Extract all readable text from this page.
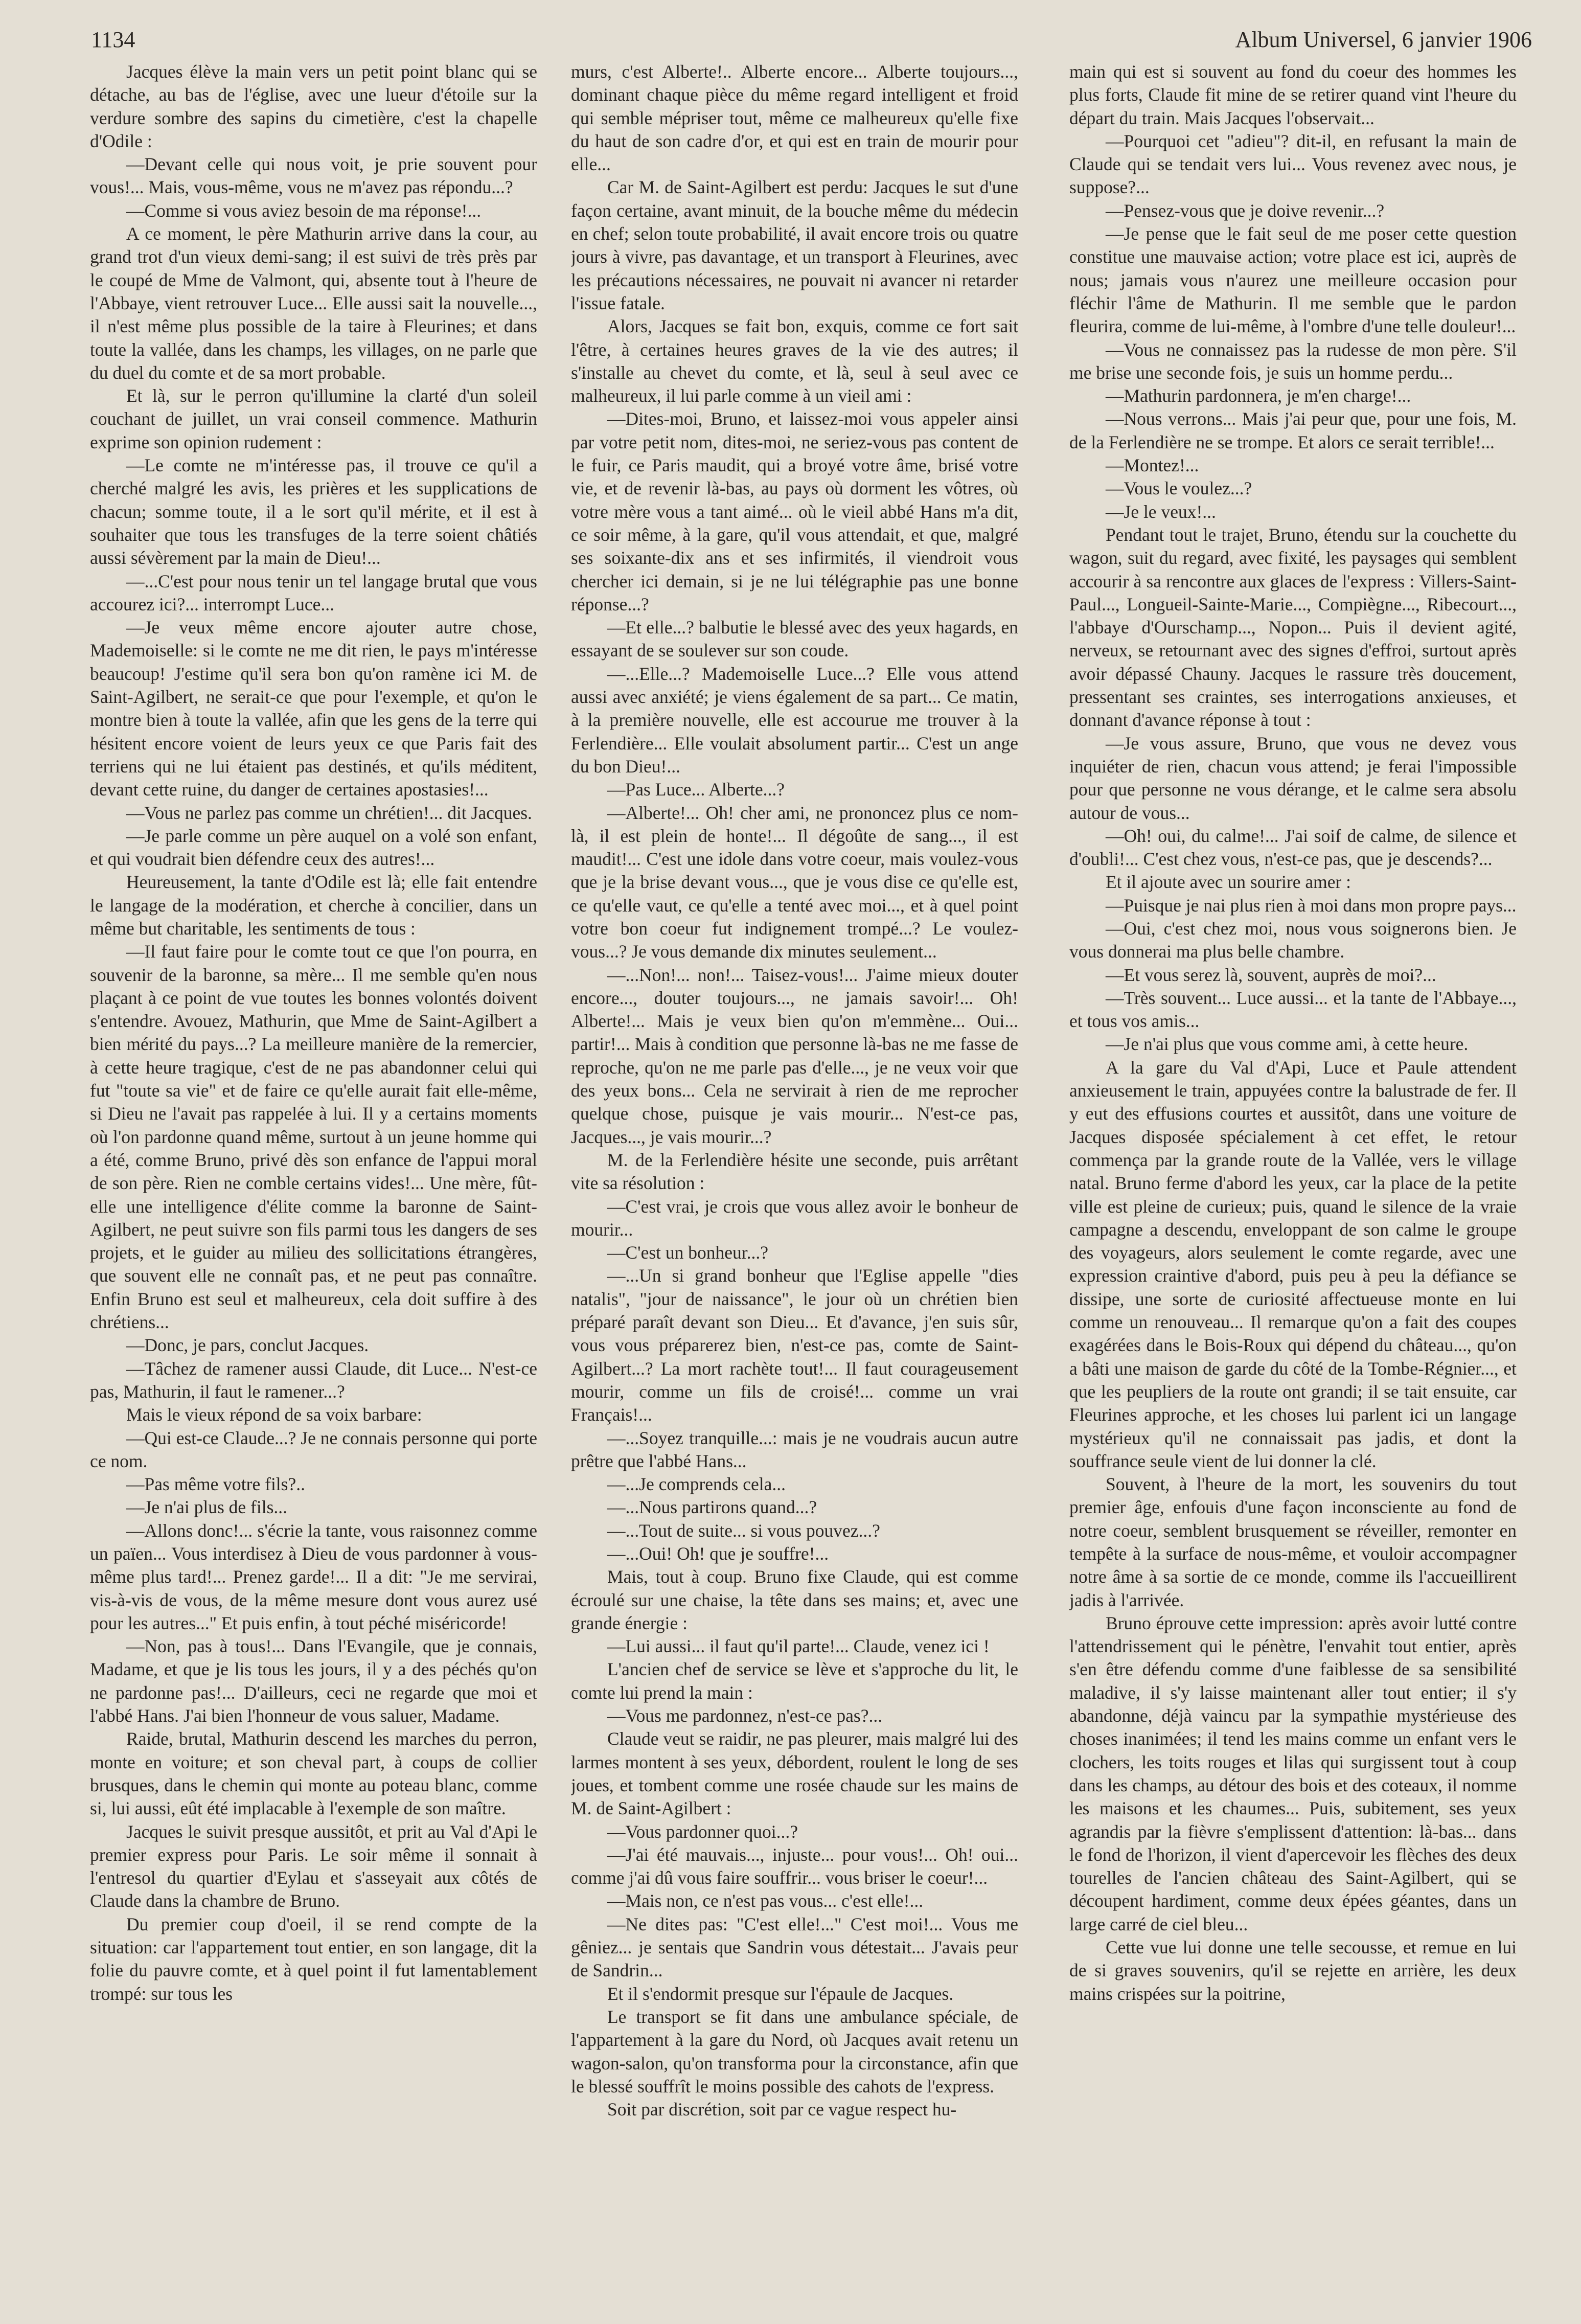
1134	Album Universel, 6 janvier 1906

Jacques élève la main vers un petit point blanc qui se détache, au bas de l'église, avec une lueur d'étoile sur la verdure sombre des sapins du cimetière, c'est la chapelle d'Odile :

—Devant celle qui nous voit, je prie souvent pour vous!... Mais, vous-même, vous ne m'avez pas répondu...?

—Comme si vous aviez besoin de ma réponse!...

A ce moment, le père Mathurin arrive dans la cour, au grand trot d'un vieux demi-sang; il est suivi de très près par le coupé de Mme de Valmont, qui, absente tout à l'heure de l'Abbaye, vient retrouver Luce... Elle aussi sait la nouvelle..., il n'est même plus possible de la taire à Fleurines; et dans toute la vallée, dans les champs, les villages, on ne parle que du duel du comte et de sa mort probable.

Et là, sur le perron qu'illumine la clarté d'un soleil couchant de juillet, un vrai conseil commence. Mathurin exprime son opinion rudement :

—Le comte ne m'intéresse pas, il trouve ce qu'il a cherché malgré les avis, les prières et les supplications de chacun; somme toute, il a le sort qu'il mérite, et il est à souhaiter que tous les transfuges de la terre soient châtiés aussi sévèrement par la main de Dieu!...

—...C'est pour nous tenir un tel langage brutal que vous accourez ici?... interrompt Luce...

—Je veux même encore ajouter autre chose, Mademoiselle: si le comte ne me dit rien, le pays m'intéresse beaucoup! J'estime qu'il sera bon qu'on ramène ici M. de Saint-Agilbert, ne serait-ce que pour l'exemple, et qu'on le montre bien à toute la vallée, afin que les gens de la terre qui hésitent encore voient de leurs yeux ce que Paris fait des terriens qui ne lui étaient pas destinés, et qu'ils méditent, devant cette ruine, du danger de certaines apostasies!...

—Vous ne parlez pas comme un chrétien!... dit Jacques.

—Je parle comme un père auquel on a volé son enfant, et qui voudrait bien défendre ceux des autres!...

Heureusement, la tante d'Odile est là; elle fait entendre le langage de la modération, et cherche à concilier, dans un même but charitable, les sentiments de tous :

—Il faut faire pour le comte tout ce que l'on pourra, en souvenir de la baronne, sa mère... Il me semble qu'en nous plaçant à ce point de vue toutes les bonnes volontés doivent s'entendre. Avouez, Mathurin, que Mme de Saint-Agilbert a bien mérité du pays...? La meilleure manière de la remercier, à cette heure tragique, c'est de ne pas abandonner celui qui fut "toute sa vie" et de faire ce qu'elle aurait fait elle-même, si Dieu ne l'avait pas rappelée à lui. Il y a certains moments où l'on pardonne quand même, surtout à un jeune homme qui a été, comme Bruno, privé dès son enfance de l'appui moral de son père. Rien ne comble certains vides!... Une mère, fût-elle une intelligence d'élite comme la baronne de Saint-Agilbert, ne peut suivre son fils parmi tous les dangers de ses projets, et le guider au milieu des sollicitations étrangères, que souvent elle ne connaît pas, et ne peut pas connaître. Enfin Bruno est seul et malheureux, cela doit suffire à des chrétiens...

—Donc, je pars, conclut Jacques.

—Tâchez de ramener aussi Claude, dit Luce... N'est-ce pas, Mathurin, il faut le ramener...?

Mais le vieux répond de sa voix barbare:

—Qui est-ce Claude...? Je ne connais personne qui porte ce nom.

—Pas même votre fils?..

—Je n'ai plus de fils...

—Allons donc!... s'écrie la tante, vous raisonnez comme un païen... Vous interdisez à Dieu de vous pardonner à vous-même plus tard!... Prenez garde!... Il a dit: "Je me servirai, vis-à-vis de vous, de la même mesure dont vous aurez usé pour les autres..." Et puis enfin, à tout péché miséricorde!

—Non, pas à tous!... Dans l'Evangile, que je connais, Madame, et que je lis tous les jours, il y a des péchés qu'on ne pardonne pas!... D'ailleurs, ceci ne regarde que moi et l'abbé Hans. J'ai bien l'honneur de vous saluer, Madame.

Raide, brutal, Mathurin descend les marches du perron, monte en voiture; et son cheval part, à coups de collier brusques, dans le chemin qui monte au poteau blanc, comme si, lui aussi, eût été implacable à l'exemple de son maître.

Jacques le suivit presque aussitôt, et prit au Val d'Api le premier express pour Paris. Le soir même il sonnait à l'entresol du quartier d'Eylau et s'asseyait aux côtés de Claude dans la chambre de Bruno.

Du premier coup d'oeil, il se rend compte de la situation: car l'appartement tout entier, en son langage, dit la folie du pauvre comte, et à quel point il fut lamentablement trompé: sur tous les

murs, c'est Alberte!.. Alberte encore... Alberte toujours..., dominant chaque pièce du même regard intelligent et froid qui semble mépriser tout, même ce malheureux qu'elle fixe du haut de son cadre d'or, et qui est en train de mourir pour elle...

Car M. de Saint-Agilbert est perdu: Jacques le sut d'une façon certaine, avant minuit, de la bouche même du médecin en chef; selon toute probabilité, il avait encore trois ou quatre jours à vivre, pas davantage, et un transport à Fleurines, avec les précautions nécessaires, ne pouvait ni avancer ni retarder l'issue fatale.

Alors, Jacques se fait bon, exquis, comme ce fort sait l'être, à certaines heures graves de la vie des autres; il s'installe au chevet du comte, et là, seul à seul avec ce malheureux, il lui parle comme à un vieil ami :

—Dites-moi, Bruno, et laissez-moi vous appeler ainsi par votre petit nom, dites-moi, ne seriez-vous pas content de le fuir, ce Paris maudit, qui a broyé votre âme, brisé votre vie, et de revenir là-bas, au pays où dorment les vôtres, où votre mère vous a tant aimé... où le vieil abbé Hans m'a dit, ce soir même, à la gare, qu'il vous attendait, et que, malgré ses soixante-dix ans et ses infirmités, il viendroit vous chercher ici demain, si je ne lui télégraphie pas une bonne réponse...?

—Et elle...? balbutie le blessé avec des yeux hagards, en essayant de se soulever sur son coude.

—...Elle...? Mademoiselle Luce...? Elle vous attend aussi avec anxiété; je viens également de sa part... Ce matin, à la première nouvelle, elle est accourue me trouver à la Ferlendière... Elle voulait absolument partir... C'est un ange du bon Dieu!...

—Pas Luce... Alberte...?

—Alberte!... Oh! cher ami, ne prononcez plus ce nom-là, il est plein de honte!... Il dégoûte de sang..., il est maudit!... C'est une idole dans votre coeur, mais voulez-vous que je la brise devant vous..., que je vous dise ce qu'elle est, ce qu'elle vaut, ce qu'elle a tenté avec moi..., et à quel point votre bon coeur fut indignement trompé...? Le voulez-vous...? Je vous demande dix minutes seulement...

—...Non!... non!... Taisez-vous!... J'aime mieux douter encore..., douter toujours..., ne jamais savoir!... Oh! Alberte!... Mais je veux bien qu'on m'emmène... Oui... partir!... Mais à condition que personne là-bas ne me fasse de reproche, qu'on ne me parle pas d'elle..., je ne veux voir que des yeux bons... Cela ne servirait à rien de me reprocher quelque chose, puisque je vais mourir... N'est-ce pas, Jacques..., je vais mourir...?

M. de la Ferlendière hésite une seconde, puis arrêtant vite sa résolution :

—C'est vrai, je crois que vous allez avoir le bonheur de mourir...

—C'est un bonheur...?

—...Un si grand bonheur que l'Eglise appelle "dies natalis", "jour de naissance", le jour où un chrétien bien préparé paraît devant son Dieu... Et d'avance, j'en suis sûr, vous vous préparerez bien, n'est-ce pas, comte de Saint-Agilbert...? La mort rachète tout!... Il faut courageusement mourir, comme un fils de croisé!... comme un vrai Français!...

—...Soyez tranquille...: mais je ne voudrais aucun autre prêtre que l'abbé Hans...

—...Je comprends cela...

—...Nous partirons quand...?

—...Tout de suite... si vous pouvez...?

—...Oui! Oh! que je souffre!...

Mais, tout à coup. Bruno fixe Claude, qui est comme écroulé sur une chaise, la tête dans ses mains; et, avec une grande énergie :

—Lui aussi... il faut qu'il parte!... Claude, venez ici !

L'ancien chef de service se lève et s'approche du lit, le comte lui prend la main :

—Vous me pardonnez, n'est-ce pas?...

Claude veut se raidir, ne pas pleurer, mais malgré lui des larmes montent à ses yeux, débordent, roulent le long de ses joues, et tombent comme une rosée chaude sur les mains de M. de Saint-Agilbert :

—Vous pardonner quoi...?

—J'ai été mauvais..., injuste... pour vous!... Oh! oui... comme j'ai dû vous faire souffrir... vous briser le coeur!...

—Mais non, ce n'est pas vous... c'est elle!...

—Ne dites pas: "C'est elle!..." C'est moi!... Vous me gêniez... je sentais que Sandrin vous détestait... J'avais peur de Sandrin...

Et il s'endormit presque sur l'épaule de Jacques.

Le transport se fit dans une ambulance spéciale, de l'appartement à la gare du Nord, où Jacques avait retenu un wagon-salon, qu'on transforma pour la circonstance, afin que le blessé souffrît le moins possible des cahots de l'express.

Soit par discrétion, soit par ce vague respect hu-

main qui est si souvent au fond du coeur des hommes les plus forts, Claude fit mine de se retirer quand vint l'heure du départ du train. Mais Jacques l'observait...

—Pourquoi cet "adieu"? dit-il, en refusant la main de Claude qui se tendait vers lui... Vous revenez avec nous, je suppose?...

—Pensez-vous que je doive revenir...?

—Je pense que le fait seul de me poser cette question constitue une mauvaise action; votre place est ici, auprès de nous; jamais vous n'aurez une meilleure occasion pour fléchir l'âme de Mathurin. Il me semble que le pardon fleurira, comme de lui-même, à l'ombre d'une telle douleur!...

—Vous ne connaissez pas la rudesse de mon père. S'il me brise une seconde fois, je suis un homme perdu...

—Mathurin pardonnera, je m'en charge!...

—Nous verrons... Mais j'ai peur que, pour une fois, M. de la Ferlendière ne se trompe. Et alors ce serait terrible!...

—Montez!...

—Vous le voulez...?

—Je le veux!...

Pendant tout le trajet, Bruno, étendu sur la couchette du wagon, suit du regard, avec fixité, les paysages qui semblent accourir à sa rencontre aux glaces de l'express : Villers-Saint-Paul..., Longueil-Sainte-Marie..., Compiègne..., Ribecourt..., l'abbaye d'Ourschamp..., Nopon... Puis il devient agité, nerveux, se retournant avec des signes d'effroi, surtout après avoir dépassé Chauny. Jacques le rassure très doucement, pressentant ses craintes, ses interrogations anxieuses, et donnant d'avance réponse à tout :

—Je vous assure, Bruno, que vous ne devez vous inquiéter de rien, chacun vous attend; je ferai l'impossible pour que personne ne vous dérange, et le calme sera absolu autour de vous...

—Oh! oui, du calme!... J'ai soif de calme, de silence et d'oubli!... C'est chez vous, n'est-ce pas, que je descends?...

Et il ajoute avec un sourire amer :

—Puisque je nai plus rien à moi dans mon propre pays...

—Oui, c'est chez moi, nous vous soignerons bien. Je vous donnerai ma plus belle chambre.

—Et vous serez là, souvent, auprès de moi?...

—Très souvent... Luce aussi... et la tante de l'Abbaye..., et tous vos amis...

—Je n'ai plus que vous comme ami, à cette heure.

A la gare du Val d'Api, Luce et Paule attendent anxieusement le train, appuyées contre la balustrade de fer. Il y eut des effusions courtes et aussitôt, dans une voiture de Jacques disposée spécialement à cet effet, le retour commença par la grande route de la Vallée, vers le village natal. Bruno ferme d'abord les yeux, car la place de la petite ville est pleine de curieux; puis, quand le silence de la vraie campagne a descendu, enveloppant de son calme le groupe des voyageurs, alors seulement le comte regarde, avec une expression craintive d'abord, puis peu à peu la défiance se dissipe, une sorte de curiosité affectueuse monte en lui comme un renouveau... Il remarque qu'on a fait des coupes exagérées dans le Bois-Roux qui dépend du château..., qu'on a bâti une maison de garde du côté de la Tombe-Régnier..., et que les peupliers de la route ont grandi; il se tait ensuite, car Fleurines approche, et les choses lui parlent ici un langage mystérieux qu'il ne connaissait pas jadis, et dont la souffrance seule vient de lui donner la clé.

Souvent, à l'heure de la mort, les souvenirs du tout premier âge, enfouis d'une façon inconsciente au fond de notre coeur, semblent brusquement se réveiller, remonter en tempête à la surface de nous-même, et vouloir accompagner notre âme à sa sortie de ce monde, comme ils l'accueillirent jadis à l'arrivée.

Bruno éprouve cette impression: après avoir lutté contre l'attendrissement qui le pénètre, l'envahit tout entier, après s'en être défendu comme d'une faiblesse de sa sensibilité maladive, il s'y laisse maintenant aller tout entier; il s'y abandonne, déjà vaincu par la sympathie mystérieuse des choses inanimées; il tend les mains comme un enfant vers le clochers, les toits rouges et lilas qui surgissent tout à coup dans les champs, au détour des bois et des coteaux, il nomme les maisons et les chaumes... Puis, subitement, ses yeux agrandis par la fièvre s'emplissent d'attention: là-bas... dans le fond de l'horizon, il vient d'apercevoir les flèches des deux tourelles de l'ancien château des Saint-Agilbert, qui se découpent hardiment, comme deux épées géantes, dans un large carré de ciel bleu...

Cette vue lui donne une telle secousse, et remue en lui de si graves souvenirs, qu'il se rejette en arrière, les deux mains crispées sur la poitrine,
